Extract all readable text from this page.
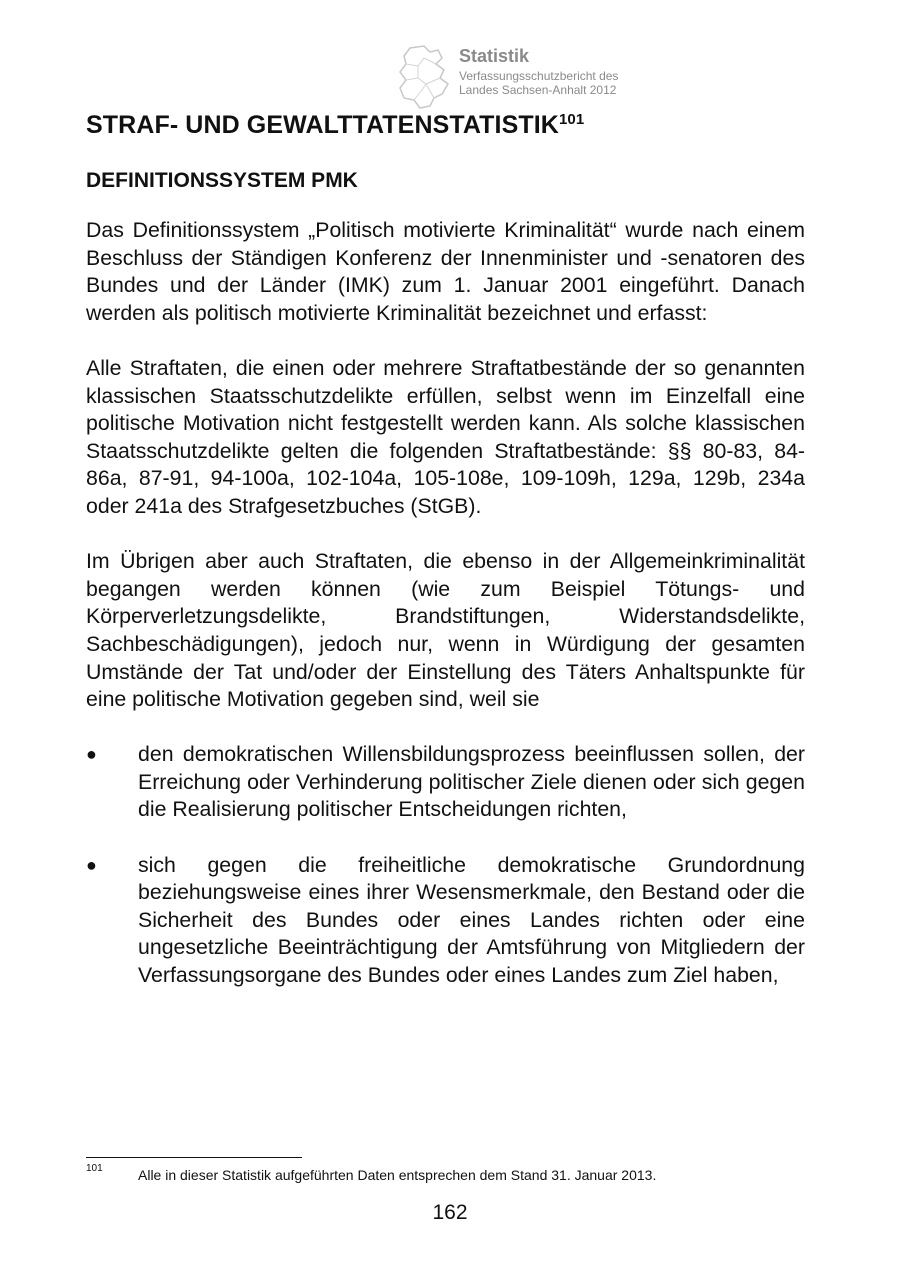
Statistik
Verfassungsschutzbericht des
Landes Sachsen-Anhalt 2012
STRAF- UND GEWALTTATENSTATISTIK$^{101}$
DEFINITIONSSYSTEM PMK

Das Definitionssystem „Politisch motivierte Kriminalität“ wurde nach einem Beschluss der Ständigen Konferenz der Innenminister und -senatoren des Bundes und der Länder (IMK) zum 1. Januar 2001 eingeführt. Danach werden als politisch motivierte Kriminalität bezeichnet und erfasst:

Alle Straftaten, die einen oder mehrere Straftatbestände der so genannten klassischen Staatsschutzdelikte erfüllen, selbst wenn im Einzelfall eine politische Motivation nicht festgestellt werden kann. Als solche klassischen Staatsschutzdelikte gelten die folgenden Straftatbestände: §§ 80-83, 84-86a, 87-91, 94-100a, 102-104a, 105-108e, 109-109h, 129a, 129b, 234a oder 241a des Strafgesetzbuches (StGB).

Im Übrigen aber auch Straftaten, die ebenso in der Allgemeinkriminalität begangen werden können (wie zum Beispiel Tötungs- und Körperverletzungsdelikte, Brandstiftungen, Widerstandsdelikte, Sachbeschädigungen), jedoch nur, wenn in Würdigung der gesamten Umstände der Tat und/oder der Einstellung des Täters Anhaltspunkte für eine politische Motivation gegeben sind, weil sie

● den demokratischen Willensbildungsprozess beeinflussen sollen, der Erreichung oder Verhinderung politischer Ziele dienen oder sich gegen die Realisierung politischer Entscheidungen richten,
● sich gegen die freiheitliche demokratische Grundordnung beziehungsweise eines ihrer Wesensmerkmale, den Bestand oder die Sicherheit des Bundes oder eines Landes richten oder eine ungesetzliche Beeinträchtigung der Amtsführung von Mitgliedern der Verfassungsorgane des Bundes oder eines Landes zum Ziel haben,
101	Alle in dieser Statistik aufgeführten Daten entsprechen dem Stand 31. Januar 2013.
162
